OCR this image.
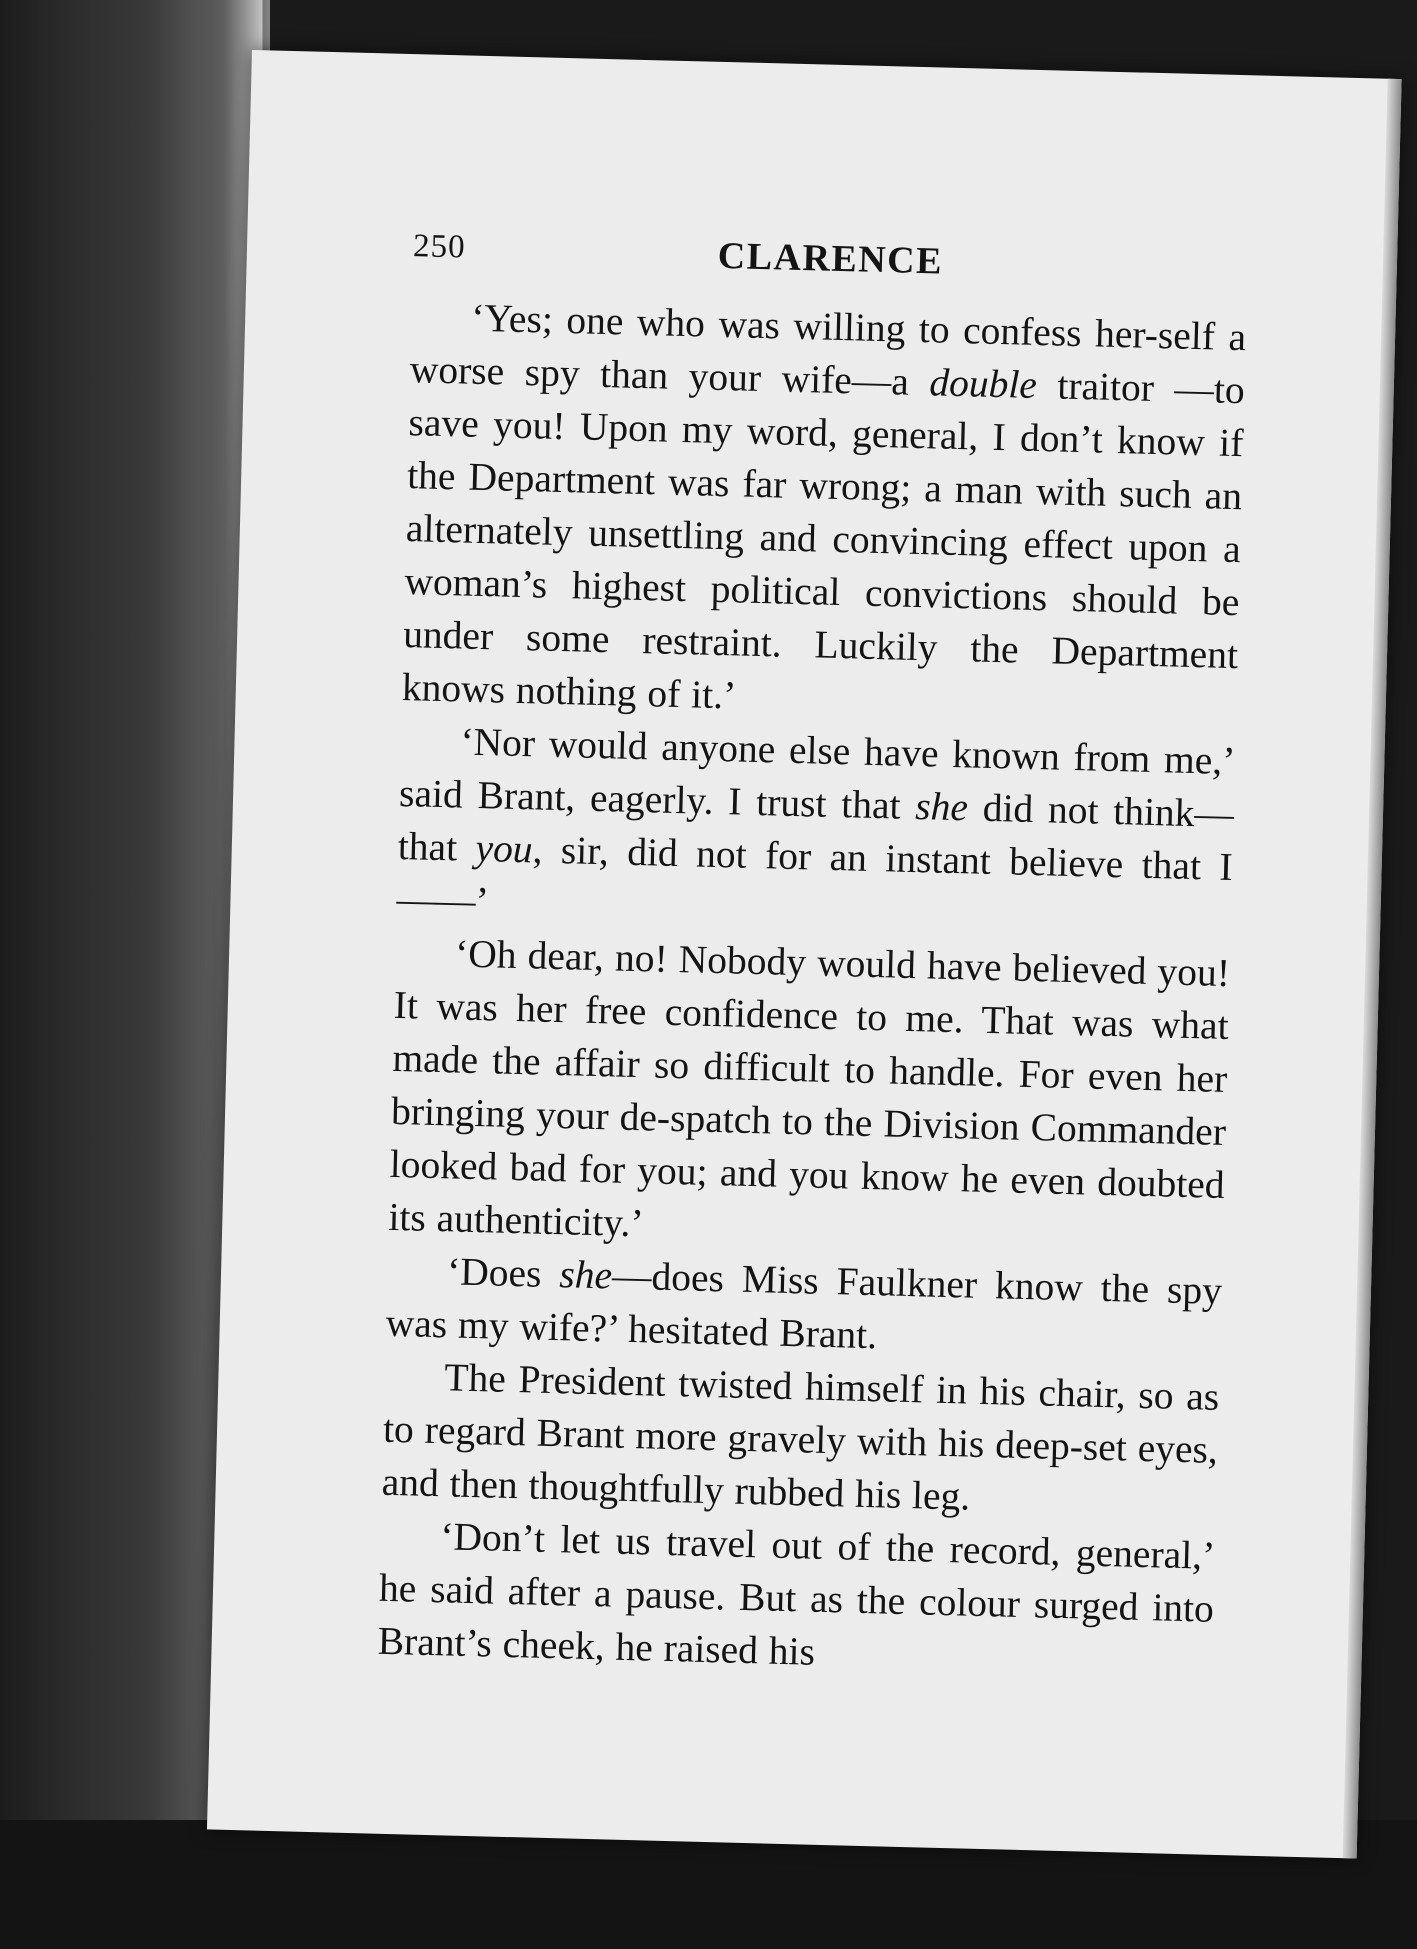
250	CLARENCE

‘Yes; one who was willing to confess her-self a worse spy than your wife—a double traitor —to save you! Upon my word, general, I don’t know if the Department was far wrong; a man with such an alternately unsettling and convincing effect upon a woman’s highest political convictions should be under some restraint. Luckily the Department knows nothing of it.’

‘Nor would anyone else have known from me,’ said Brant, eagerly. I trust that she did not think—that you, sir, did not for an instant believe that I——’

‘Oh dear, no! Nobody would have believed you! It was her free confidence to me. That was what made the affair so difficult to handle. For even her bringing your de-spatch to the Division Commander looked bad for you; and you know he even doubted its authenticity.’

‘Does she—does Miss Faulkner know the spy was my wife?’ hesitated Brant.

The President twisted himself in his chair, so as to regard Brant more gravely with his deep-set eyes, and then thoughtfully rubbed his leg.

‘Don’t let us travel out of the record, general,’ he said after a pause. But as the colour surged into Brant’s cheek, he raised his
